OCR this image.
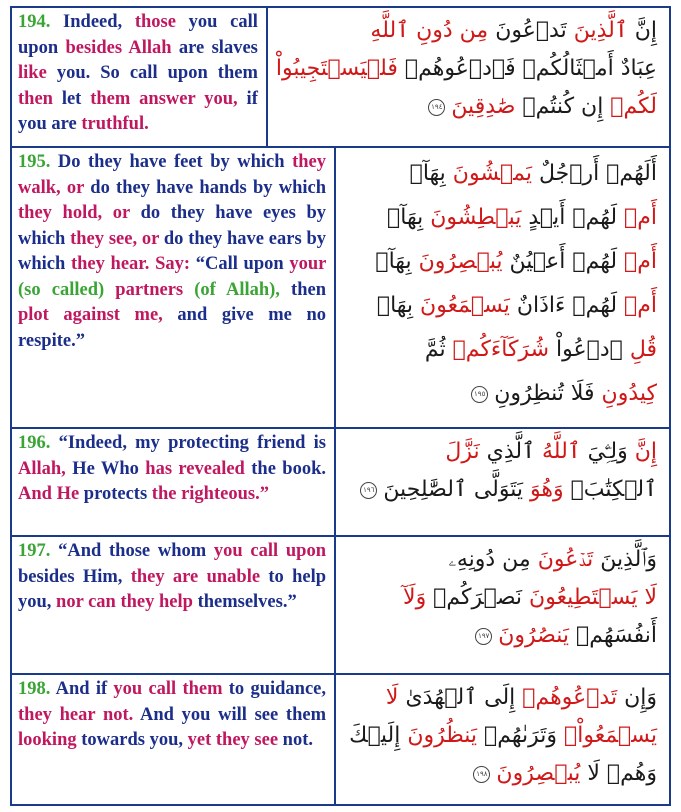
194. Indeed, those you call upon besides Allah are slaves like you. So call upon them then let them answer you, if you are truthful.
إِنَّ ٱلَّذِينَ تَدۡعُونَ مِن دُونِ ٱللَّهِ
عِبَادٌ أَمۡثَالُكُمۡ فَٱدۡعُوهُمۡ فَلۡيَسۡتَجِيبُواْ
لَكُمۡ إِن كُنتُمۡ صَٰدِقِينَ١٩٤
195. Do they have feet by which they walk, or do they have hands by which they hold, or do they have eyes by which they see, or do they have ears by which they hear. Say: “Call upon your (so called) partners (of Allah), then plot against me, and give me no respite.”
أَلَهُمۡ أَرۡجُلٌ يَمۡشُونَ بِهَآۖ
أَمۡ لَهُمۡ أَيۡدٍ يَبۡطِشُونَ بِهَآۖ
أَمۡ لَهُمۡ أَعۡيُنٌ يُبۡصِرُونَ بِهَآۖ
أَمۡ لَهُمۡ ءَاذَانٌ يَسۡمَعُونَ بِهَاۗ
قُلِ ٱدۡعُواْ شُرَكَآءَكُمۡ ثُمَّ
كِيدُونِ فَلَا تُنظِرُونِ١٩٥
196. “Indeed, my protecting friend is Allah, He Who has revealed the book. And He protects the righteous.”
إِنَّ وَلِـِّۧيَ ٱللَّهُ ٱلَّذِي نَزَّلَ
ٱلۡكِتَٰبَۖ وَهُوَ يَتَوَلَّى ٱلصَّٰلِحِينَ١٩٦
197. “And those whom you call upon besides Him, they are unable to help you, nor can they help themselves.”
وَٱلَّذِينَ تَدۡعُونَ مِن دُونِهِۦ
لَا يَسۡتَطِيعُونَ نَصۡرَكُمۡ وَلَآ
أَنفُسَهُمۡ يَنصُرُونَ١٩٧
198. And if you call them to guidance, they hear not. And you will see them looking towards you, yet they see not.
وَإِن تَدۡعُوهُمۡ إِلَى ٱلۡهُدَىٰ لَا
يَسۡمَعُواْۖ وَتَرَىٰهُمۡ يَنظُرُونَ إِلَيۡكَ
وَهُمۡ لَا يُبۡصِرُونَ١٩٨
